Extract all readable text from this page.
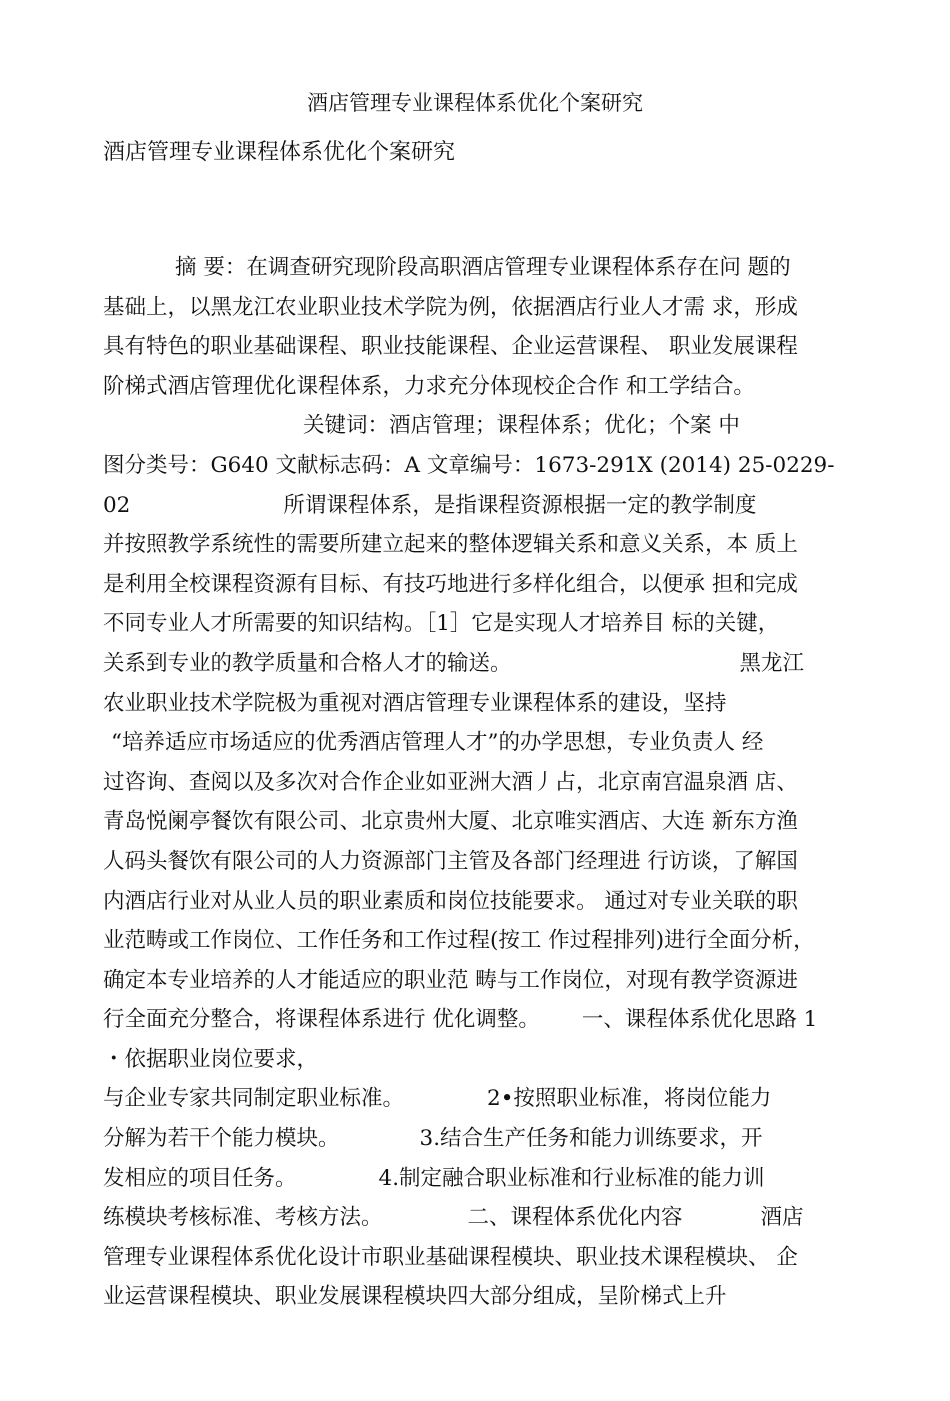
酒店管理专业课程体系优化个案研究
酒店管理专业课程体系优化个案研究
摘 要：在调查研究现阶段高职酒店管理专业课程体系存在问 题的
基础上，以黑龙江农业职业技术学院为例，依据酒店行业人才需 求，形成
具有特色的职业基础课程、职业技能课程、企业运营课程、 职业发展课程
阶梯式酒店管理优化课程体系，力求充分体现校企合作 和工学结合。
关键词：酒店管理；课程体系；优化；个案 中
图分类号：G640 文献标志码：A 文章编号：1673-291X (2014) 25-0229-
02	所谓课程体系，是指课程资源根据一定的教学制度
并按照教学系统性的需要所建立起来的整体逻辑关系和意义关系，本 质上
是利用全校课程资源有目标、有技巧地进行多样化组合，以便承 担和完成
不同专业人才所需要的知识结构。［1］它是实现人才培养目 标的关键，
关系到专业的教学质量和合格人才的输送。	黑龙江
农业职业技术学院极为重视对酒店管理专业课程体系的建设，坚持
“培养适应市场适应的优秀酒店管理人才”的办学思想，专业负责人 经
过咨询、查阅以及多次对合作企业如亚洲大酒丿占，北京南宫温泉酒 店、
青岛悦阑亭餐饮有限公司、北京贵州大厦、北京唯实酒店、大连 新东方渔
人码头餐饮有限公司的人力资源部门主管及各部门经理进 行访谈，了解国
内酒店行业对从业人员的职业素质和岗位技能要求。 通过对专业关联的职
业范畴或工作岗位、工作任务和工作过程(按工 作过程排列)进行全面分析，
确定本专业培养的人才能适应的职业范 畴与工作岗位，对现有教学资源进
行全面充分整合，将课程体系进行 优化调整。 一、课程体系优化思路 1
・依据职业岗位要求，
与企业专家共同制定职业标准。	2•按照职业标准，将岗位能力
分解为若干个能力模块。	3.结合生产任务和能力训练要求，开
发相应的项目任务。	4.制定融合职业标准和行业标准的能力训
练模块考核标准、考核方法。	二、课程体系优化内容	酒店
管理专业课程体系优化设计市职业基础课程模块、职业技术课程模块、 企
业运营课程模块、职业发展课程模块四大部分组成，呈阶梯式上升
